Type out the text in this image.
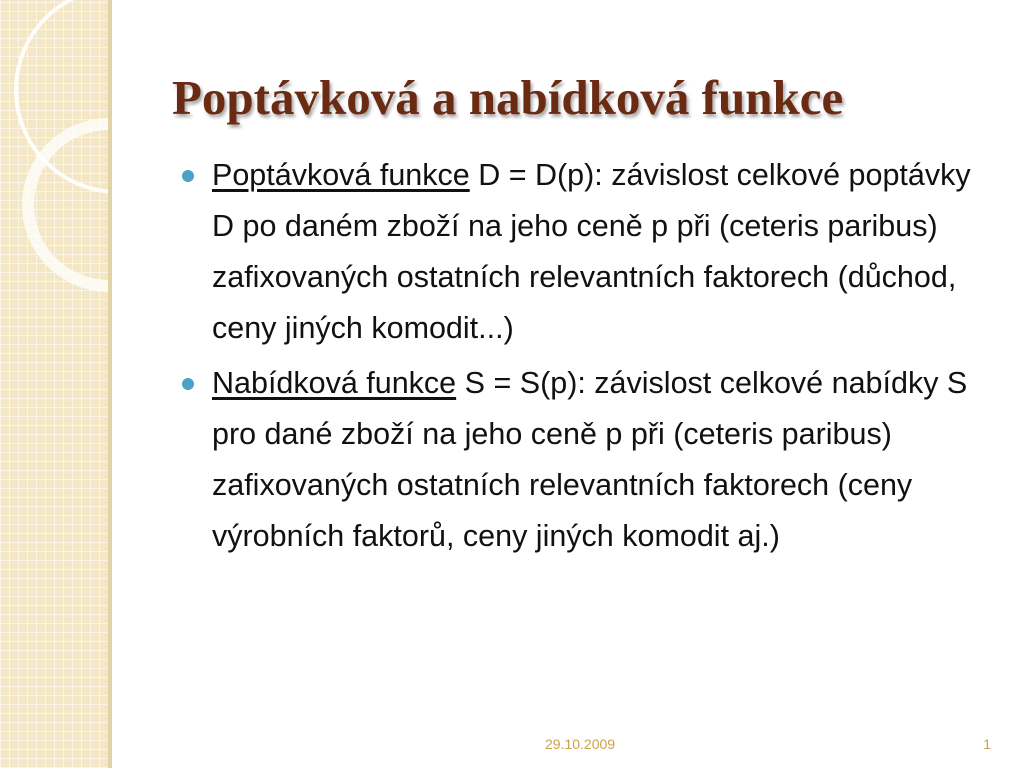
Poptávková a nabídková funkce
Poptávková funkce D = D(p): závislost celkové poptávky D po daném zboží na jeho ceně p při (ceteris paribus) zafixovaných ostatních relevantních faktorech (důchod, ceny jiných komodit...)
Nabídková funkce S = S(p): závislost celkové nabídky S pro dané zboží na jeho ceně p při (ceteris paribus) zafixovaných ostatních relevantních faktorech (ceny výrobních faktorů, ceny jiných komodit aj.)
29.10.2009	1
